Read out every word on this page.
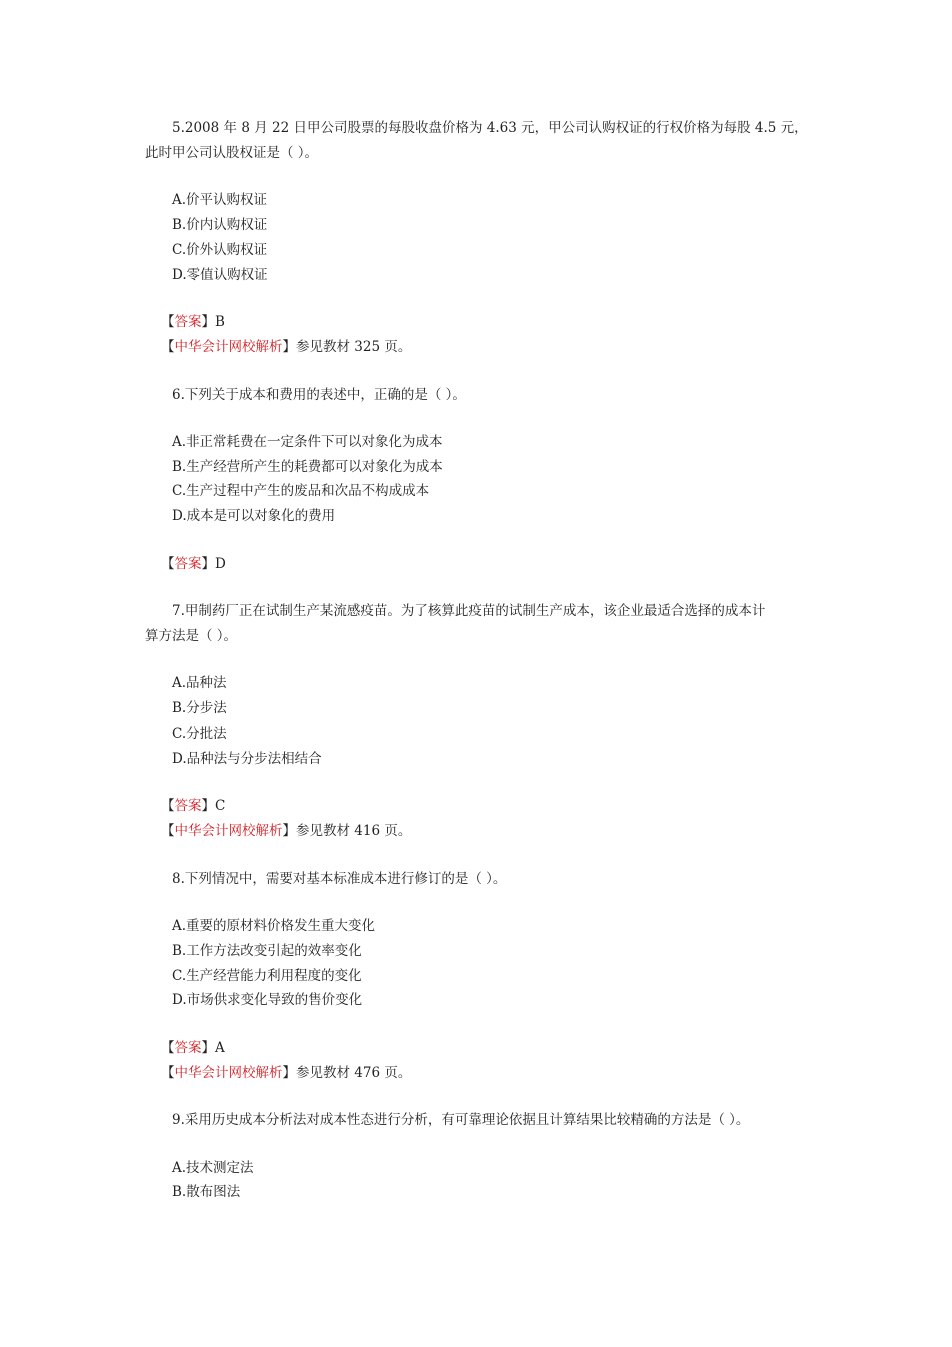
5.2008 年 8 月 22 日甲公司股票的每股收盘价格为 4.63 元，甲公司认购权证的行权价格为每股 4.5 元，
此时甲公司认股权证是（ ）。
A.价平认购权证
B.价内认购权证
C.价外认购权证
D.零值认购权证
【答案】B
【中华会计网校解析】参见教材 325 页。
6.下列关于成本和费用的表述中，正确的是（ ）。
A.非正常耗费在一定条件下可以对象化为成本
B.生产经营所产生的耗费都可以对象化为成本
C.生产过程中产生的废品和次品不构成成本
D.成本是可以对象化的费用
【答案】D
7.甲制药厂正在试制生产某流感疫苗。为了核算此疫苗的试制生产成本，该企业最适合选择的成本计
算方法是（ ）。
A.品种法
B.分步法
C.分批法
D.品种法与分步法相结合
【答案】C
【中华会计网校解析】参见教材 416 页。
8.下列情况中，需要对基本标准成本进行修订的是（ ）。
A.重要的原材料价格发生重大变化
B.工作方法改变引起的效率变化
C.生产经营能力利用程度的变化
D.市场供求变化导致的售价变化
【答案】A
【中华会计网校解析】参见教材 476 页。
9.采用历史成本分析法对成本性态进行分析，有可靠理论依据且计算结果比较精确的方法是（ ）。
A.技术测定法
B.散布图法
